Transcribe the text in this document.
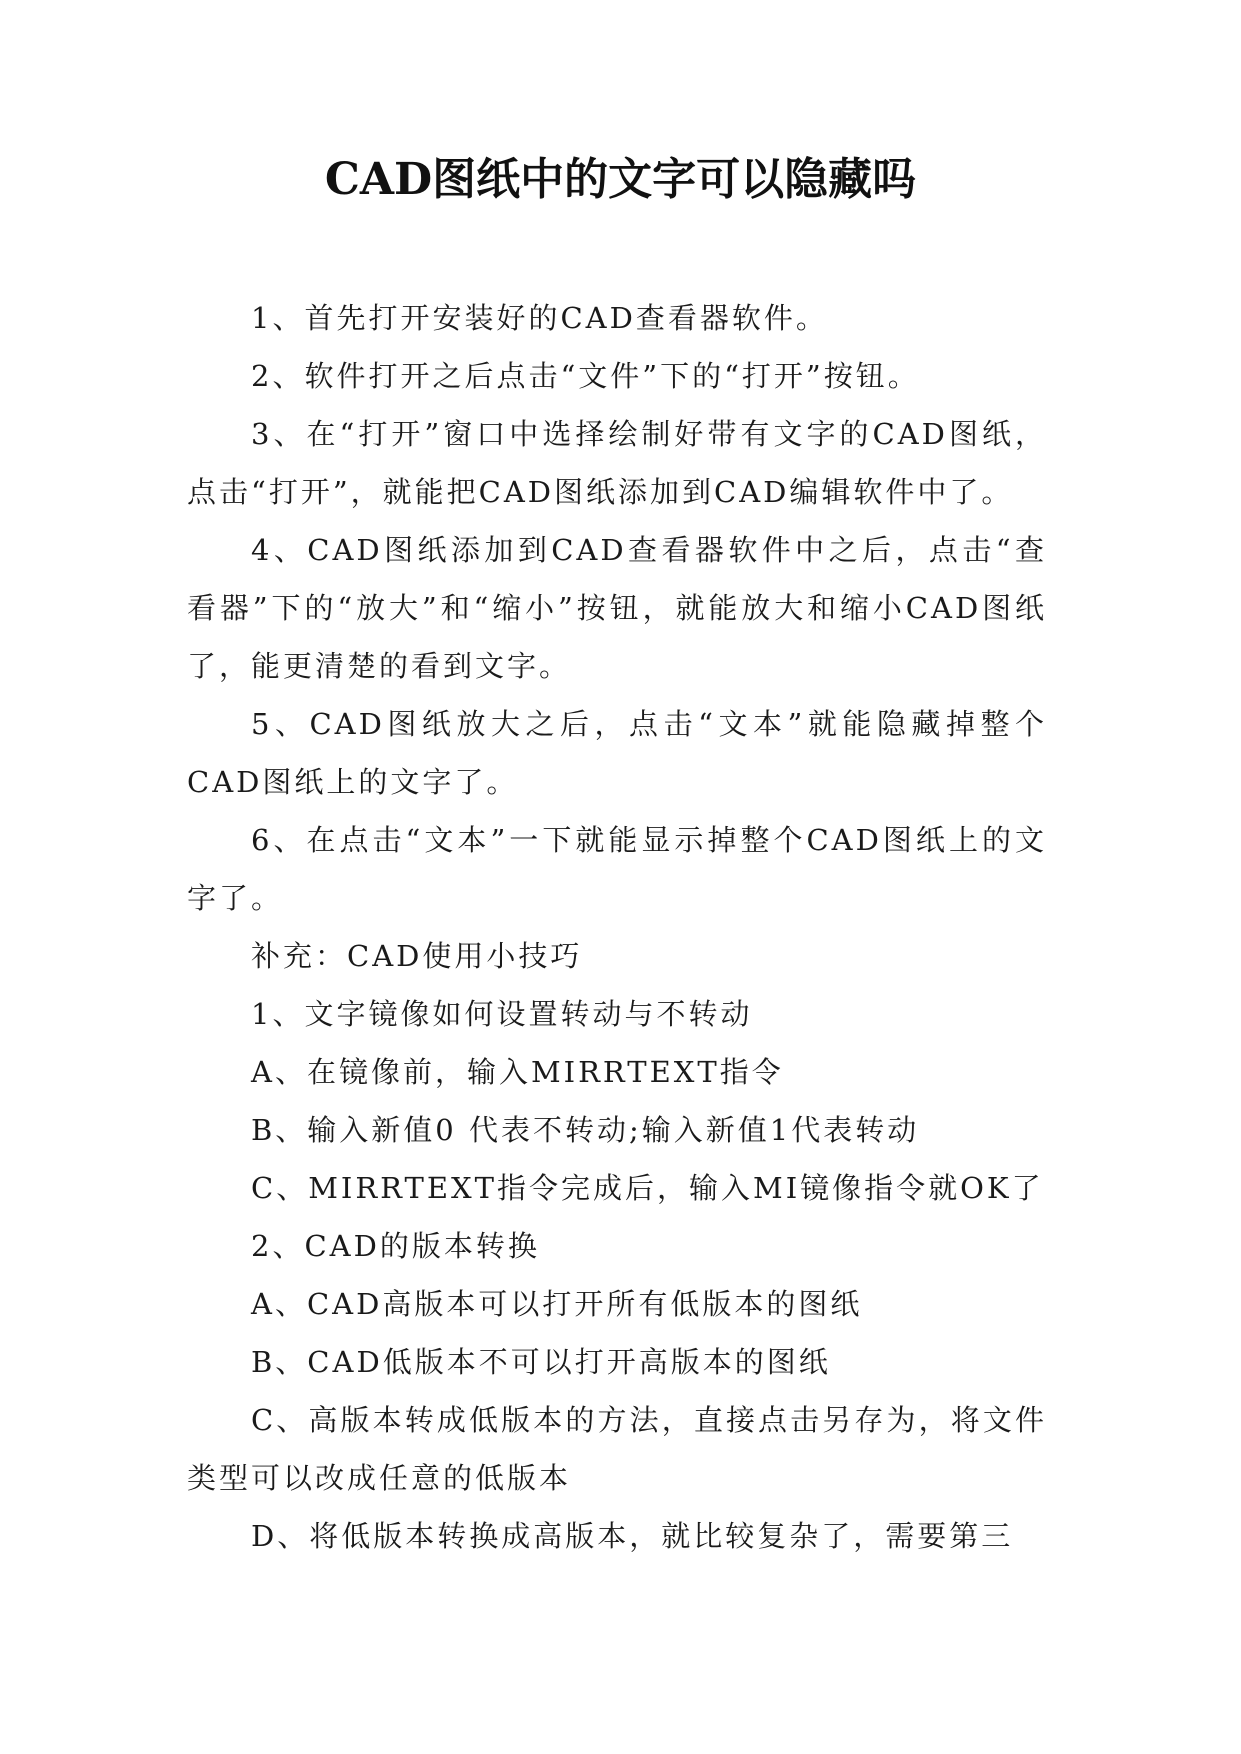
CAD图纸中的文字可以隐藏吗

1、首先打开安装好的CAD查看器软件。

2、软件打开之后点击“文件”下的“打开”按钮。

3、在“打开”窗口中选择绘制好带有文字的CAD图纸，点击“打开”，就能把CAD图纸添加到CAD编辑软件中了。

4、CAD图纸添加到CAD查看器软件中之后，点击“查看器”下的“放大”和“缩小”按钮，就能放大和缩小CAD图纸了，能更清楚的看到文字。

5、CAD图纸放大之后，点击“文本”就能隐藏掉整个CAD图纸上的文字了。

6、在点击“文本”一下就能显示掉整个CAD图纸上的文字了。

补充：CAD使用小技巧

1、文字镜像如何设置转动与不转动

A、在镜像前，输入MIRRTEXT指令

B、输入新值0 代表不转动;输入新值1代表转动

C、MIRRTEXT指令完成后，输入MI镜像指令就OK了

2、CAD的版本转换

A、CAD高版本可以打开所有低版本的图纸

B、CAD低版本不可以打开高版本的图纸

C、高版本转成低版本的方法，直接点击另存为，将文件类型可以改成任意的低版本

D、将低版本转换成高版本，就比较复杂了，需要第三
